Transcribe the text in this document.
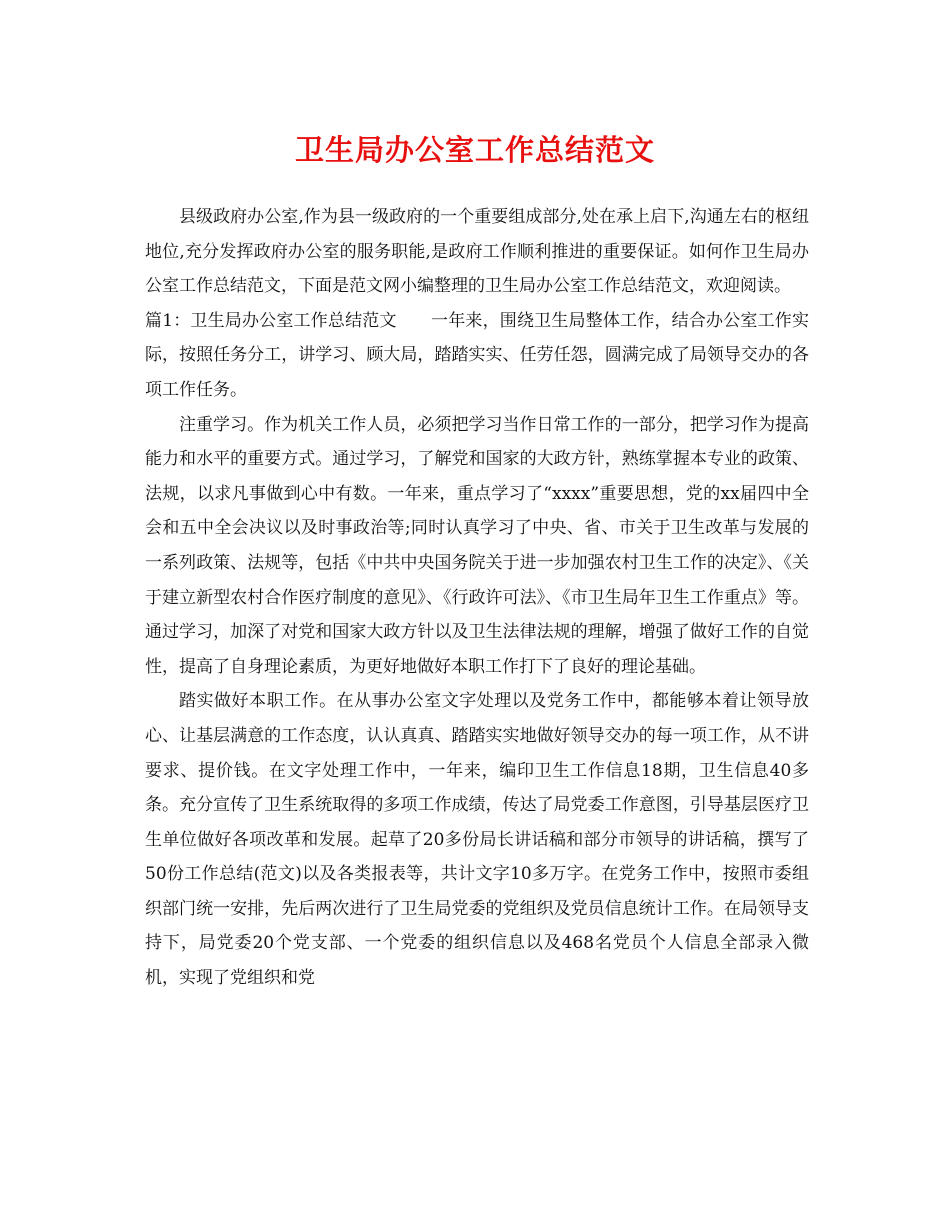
卫生局办公室工作总结范文

县级政府办公室,作为县一级政府的一个重要组成部分,处在承上启下,沟通左右的枢纽地位,充分发挥政府办公室的服务职能,是政府工作顺利推进的重要保证。如何作卫生局办公室工作总结范文，下面是范文网小编整理的卫生局办公室工作总结范文，欢迎阅读。

篇1：卫生局办公室工作总结范文　　一年来，围绕卫生局整体工作，结合办公室工作实际，按照任务分工，讲学习、顾大局，踏踏实实、任劳任怨，圆满完成了局领导交办的各项工作任务。

注重学习。作为机关工作人员，必须把学习当作日常工作的一部分，把学习作为提高能力和水平的重要方式。通过学习，了解党和国家的大政方针，熟练掌握本专业的政策、法规，以求凡事做到心中有数。一年来，重点学习了“xxxx”重要思想，党的xx届四中全会和五中全会决议以及时事政治等;同时认真学习了中央、省、市关于卫生改革与发展的一系列政策、法规等，包括《中共中央国务院关于进一步加强农村卫生工作的决定》、《关于建立新型农村合作医疗制度的意见》、《行政许可法》、《市卫生局年卫生工作重点》等。通过学习，加深了对党和国家大政方针以及卫生法律法规的理解，增强了做好工作的自觉性，提高了自身理论素质，为更好地做好本职工作打下了良好的理论基础。

踏实做好本职工作。在从事办公室文字处理以及党务工作中，都能够本着让领导放心、让基层满意的工作态度，认认真真、踏踏实实地做好领导交办的每一项工作，从不讲要求、提价钱。在文字处理工作中，一年来，编印卫生工作信息18期，卫生信息40多条。充分宣传了卫生系统取得的多项工作成绩，传达了局党委工作意图，引导基层医疗卫生单位做好各项改革和发展。起草了20多份局长讲话稿和部分市领导的讲话稿，撰写了50份工作总结(范文)以及各类报表等，共计文字10多万字。在党务工作中，按照市委组织部门统一安排，先后两次进行了卫生局党委的党组织及党员信息统计工作。在局领导支持下，局党委20个党支部、一个党委的组织信息以及468名党员个人信息全部录入微机，实现了党组织和党
